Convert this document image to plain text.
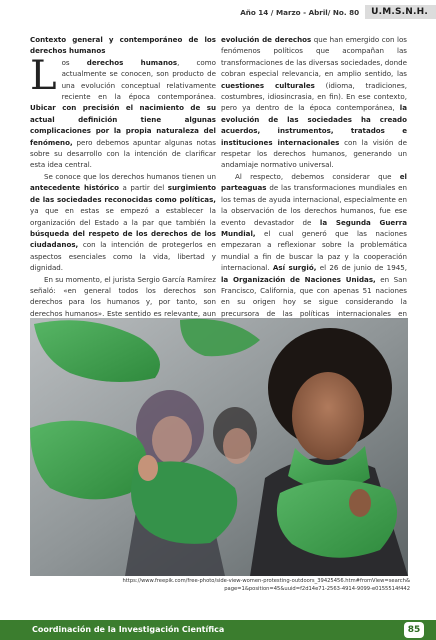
Año 14 / Marzo - Abril/ No. 80	U.M.S.N.H.

Contexto general y contemporáneo de los derechos humanos

Los derechos humanos, como actualmente se conocen, son producto de una evolución conceptual relativamente reciente en la época contemporánea. Ubicar con precisión el nacimiento de su actual definición tiene algunas complicaciones por la propia naturaleza del fenómeno, pero debemos apuntar algunas notas sobre su desarrollo con la intención de clarificar esta idea central.

Se conoce que los derechos humanos tienen un antecedente histórico a partir del surgimiento de las sociedades reconocidas como políticas, ya que en estas se empezó a establecer la organización del Estado a la par que también la búsqueda del respeto de los derechos de los ciudadanos, con la intención de protegerlos en aspectos esenciales como la vida, libertad y dignidad.

En su momento, el jurista Sergio García Ramírez señaló: «en general todos los derechos son derechos para los humanos y, por tanto, son derechos humanos». Este sentido es relevante, aun

evolución de derechos que han emergido con los fenómenos políticos que acompañan las transformaciones de las diversas sociedades, donde cobran especial relevancia, en amplio sentido, las cuestiones culturales (idioma, tradiciones, costumbres, idiosincrasia, en fin). En ese contexto, pero ya dentro de la época contemporánea, la evolución de las sociedades ha creado acuerdos, instrumentos, tratados e instituciones internacionales con la visión de respetar los derechos humanos, generando un andamiaje normativo universal.

Al respecto, debemos considerar que el parteaguas de las transformaciones mundiales en los temas de ayuda internacional, especialmente en la observación de los derechos humanos, fue ese evento devastador de la Segunda Guerra Mundial, el cual generó que las naciones empezaran a reflexionar sobre la problemática mundial a fin de buscar la paz y la cooperación internacional. Así surgió, el 26 de junio de 1945, la Organización de Naciones Unidas, en San Francisco, California, que con apenas 51 naciones en su origen hoy se sigue considerando la precursora de las políticas internacionales en

https://www.freepik.com/free-photo/side-view-women-protesting-outdoors_39425456.htm#fromView=search&page=1&position=45&uuid=f2d14e71-2563-4914-9099-e0155514f442
Coordinación de la Investigación Científica	85
